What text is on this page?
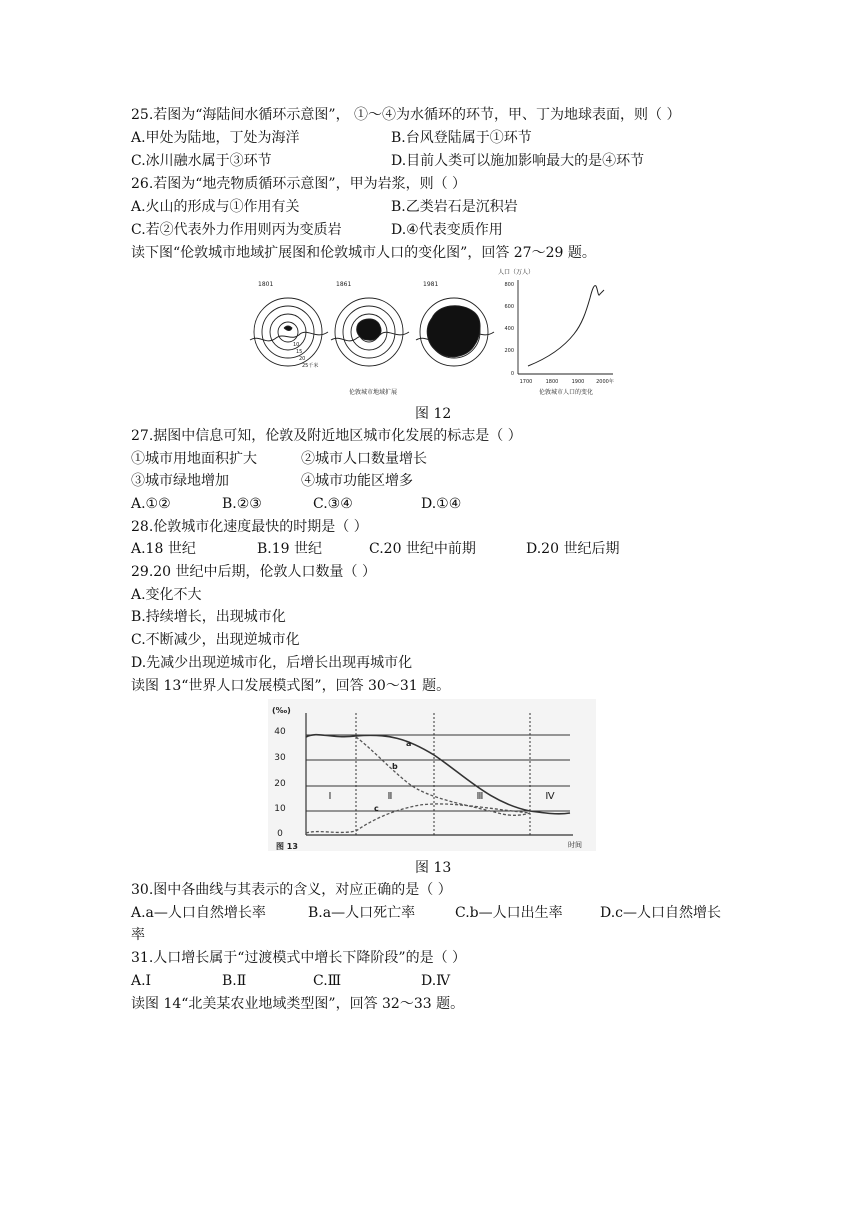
25.若图为“海陆间水循环示意图”， ①～④为水循环的环节，甲、丁为地球表面，则（ ）
A.甲处为陆地，丁处为海洋	B.台风登陆属于①环节
C.冰川融水属于③环节	D.目前人类可以施加影响最大的是④环节
26.若图为“地壳物质循环示意图”，甲为岩浆，则（ ）
A.火山的形成与①作用有关	B.乙类岩石是沉积岩
C.若②代表外力作用则丙为变质岩	D.④代表变质作用
读下图“伦敦城市地域扩展图和伦敦城市人口的变化图”，回答 27～29 题。
1801	1861	1981
10
15
20
25千米
伦敦城市地域扩展
人口（万人）
800
600
400
200
0
1700	1800	1900 2000年
伦敦城市人口的变化
图 12
27.据图中信息可知，伦敦及附近地区城市化发展的标志是（ ）
①城市用地面积扩大	②城市人口数量增长
③城市绿地增加	④城市功能区增多
A.①②	B.②③	C.③④	D.①④
28.伦敦城市化速度最快的时期是（ ）
A.18 世纪	B.19 世纪	C.20 世纪中前期	D.20 世纪后期
29.20 世纪中后期，伦敦人口数量（ ）
A.变化不大
B.持续增长，出现城市化
C.不断减少，出现逆城市化
D.先减少出现逆城市化，后增长出现再城市化
读图 13“世界人口发展模式图”，回答 30～31 题。
(‰)
40
30
20
10
0
a
b
c
Ⅰ	Ⅱ	Ⅲ	Ⅳ
图 13	时间
图 13
30.图中各曲线与其表示的含义，对应正确的是（ ）
A.a—人口自然增长率	B.a—人口死亡率	C.b—人口出生率	D.c—人口自然增长
率
31.人口增长属于“过渡模式中增长下降阶段”的是（ ）
A.Ⅰ	B.Ⅱ	C.Ⅲ	D.Ⅳ
读图 14“北美某农业地域类型图”，回答 32～33 题。
